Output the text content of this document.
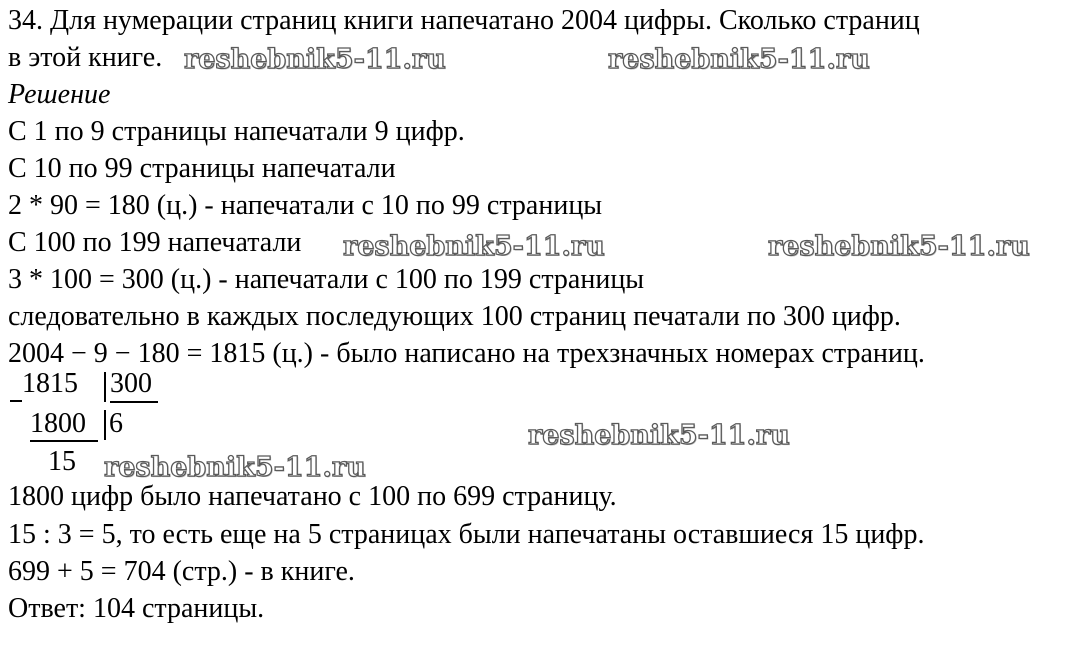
34. Для нумерации страниц книги напечатано 2004 цифры. Сколько страниц

в этой книге.

Решение

С 1 по 9 страницы напечатали 9 цифр.

С 10 по 99 страницы напечатали

2 * 90 = 180 (ц.) - напечатали с 10 по 99 страницы

С 100 по 199 напечатали

3 * 100 = 300 (ц.) - напечатали с 100 по 199 страницы

следовательно в каждых последующих 100 страниц печатали по 300 цифр.

2004 − 9 − 180 = 1815 (ц.) - было написано на трехзначных номерах страниц.

1815 300
1800 6
15

1800 цифр было напечатано с 100 по 699 страницу.

15 : 3 = 5, то есть еще на 5 страницах были напечатаны оставшиеся 15 цифр.

699 + 5 = 704 (стр.) - в книге.

Ответ: 104 страницы.

reshebnik5-11.ru	reshebnik5-11.ru
reshebnik5-11.ru	reshebnik5-11.ru
reshebnik5-11.ru
reshebnik5-11.ru
